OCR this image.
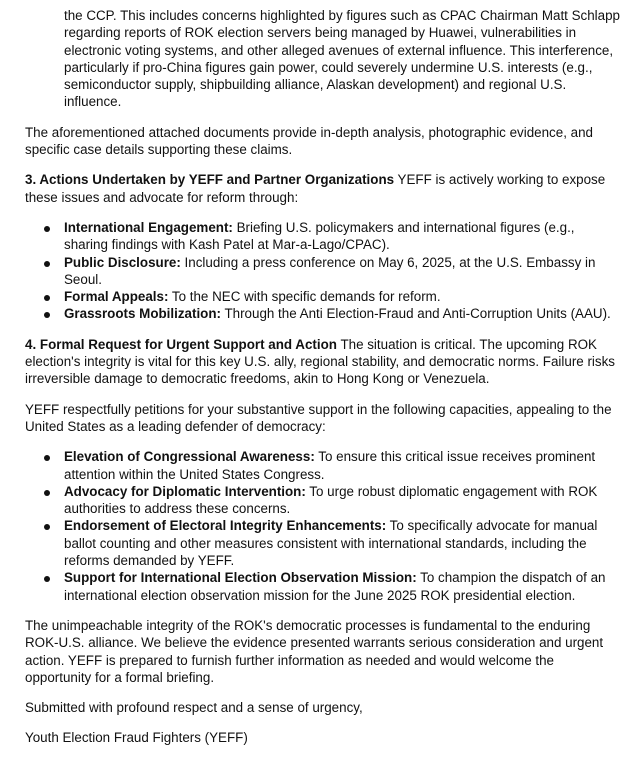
the CCP. This includes concerns highlighted by figures such as CPAC Chairman Matt Schlapp regarding reports of ROK election servers being managed by Huawei, vulnerabilities in electronic voting systems, and other alleged avenues of external influence. This interference, particularly if pro-China figures gain power, could severely undermine U.S. interests (e.g., semiconductor supply, shipbuilding alliance, Alaskan development) and regional U.S. influence.

The aforementioned attached documents provide in-depth analysis, photographic evidence, and specific case details supporting these claims.

3. Actions Undertaken by YEFF and Partner Organizations YEFF is actively working to expose these issues and advocate for reform through:

International Engagement: Briefing U.S. policymakers and international figures (e.g., sharing findings with Kash Patel at Mar-a-Lago/CPAC).
Public Disclosure: Including a press conference on May 6, 2025, at the U.S. Embassy in Seoul.
Formal Appeals: To the NEC with specific demands for reform.
Grassroots Mobilization: Through the Anti Election-Fraud and Anti-Corruption Units (AAU).

4. Formal Request for Urgent Support and Action The situation is critical. The upcoming ROK election's integrity is vital for this key U.S. ally, regional stability, and democratic norms. Failure risks irreversible damage to democratic freedoms, akin to Hong Kong or Venezuela.

YEFF respectfully petitions for your substantive support in the following capacities, appealing to the United States as a leading defender of democracy:

Elevation of Congressional Awareness: To ensure this critical issue receives prominent attention within the United States Congress.
Advocacy for Diplomatic Intervention: To urge robust diplomatic engagement with ROK authorities to address these concerns.
Endorsement of Electoral Integrity Enhancements: To specifically advocate for manual ballot counting and other measures consistent with international standards, including the reforms demanded by YEFF.
Support for International Election Observation Mission: To champion the dispatch of an international election observation mission for the June 2025 ROK presidential election.

The unimpeachable integrity of the ROK's democratic processes is fundamental to the enduring ROK-U.S. alliance. We believe the evidence presented warrants serious consideration and urgent action. YEFF is prepared to furnish further information as needed and would welcome the opportunity for a formal briefing.

Submitted with profound respect and a sense of urgency,

Youth Election Fraud Fighters (YEFF)
